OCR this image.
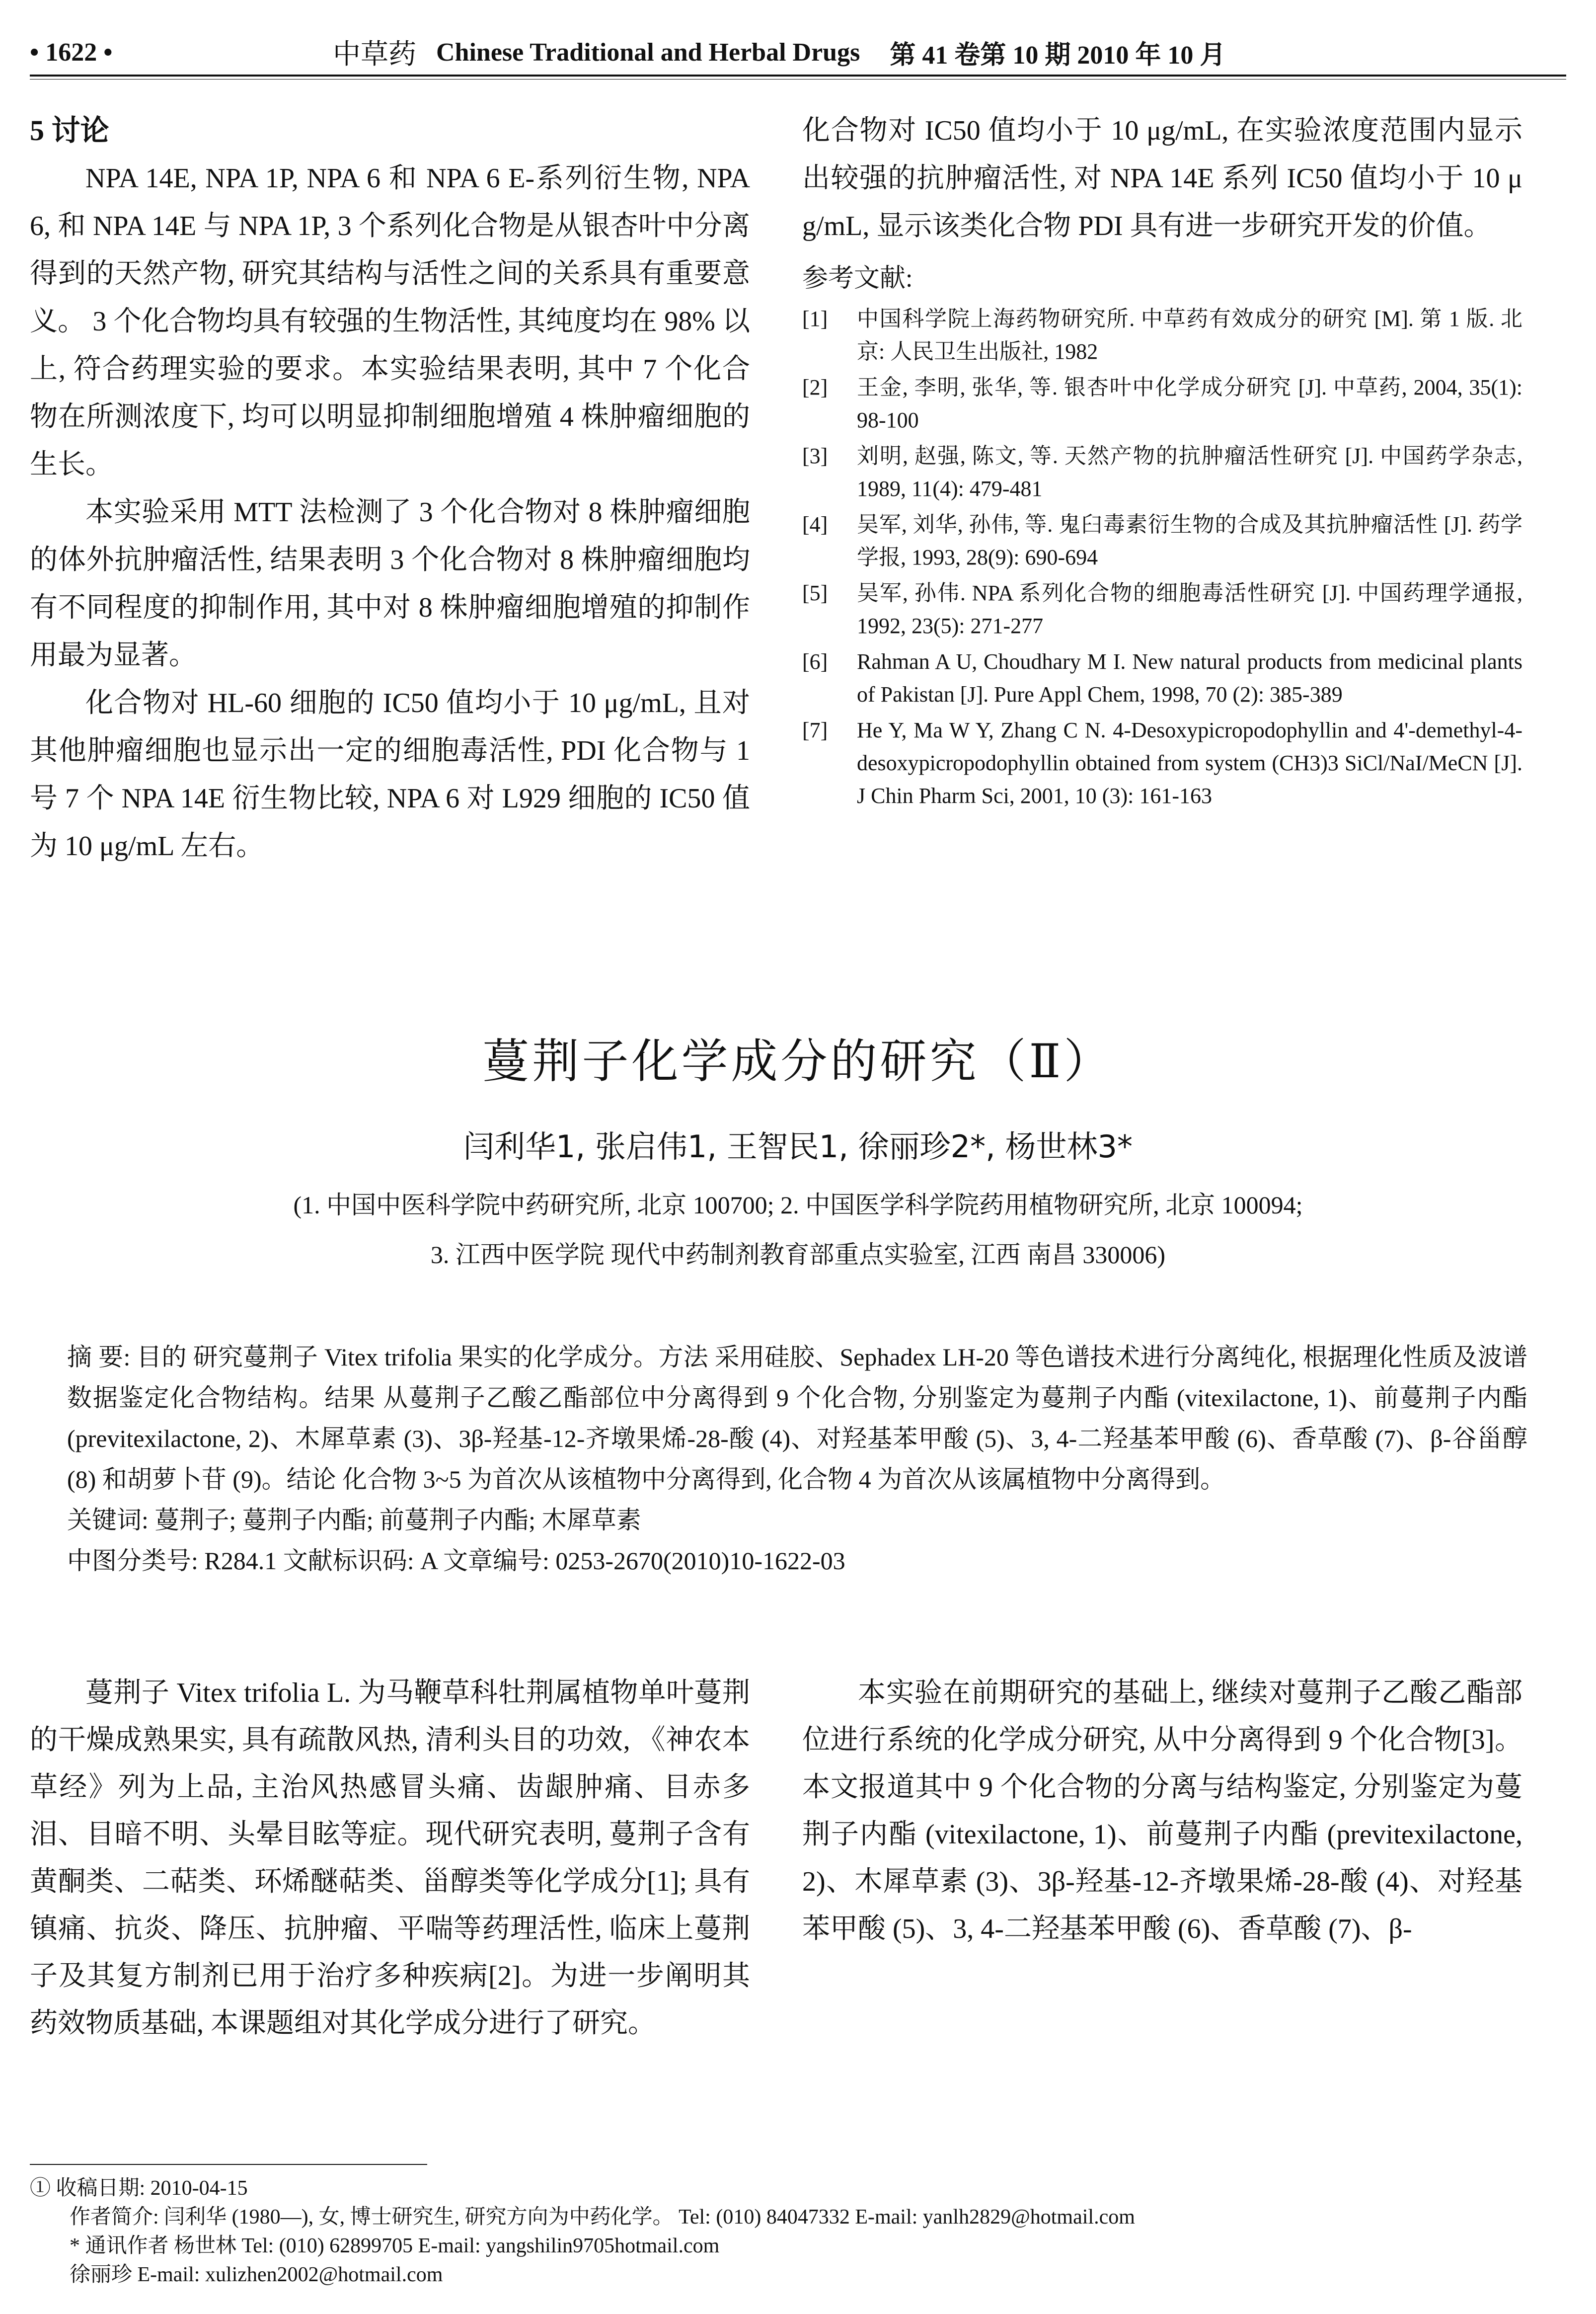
• 1622 •	中草药 Chinese Traditional and Herbal Drugs 第 41 卷第 10 期 2010 年 10 月
5 讨论

NPA 14E, NPA 1P, NPA 6 和 NPA 6 E-系列衍生物, NPA 6, 和 NPA 14E 与 NPA 1P, 3 个系列化合物是从银杏叶中分离得到的天然产物, 研究其结构与活性之间的关系具有重要意义。 3 个化合物均具有较强的生物活性, 其纯度均在 98% 以上, 符合药理实验的要求。本实验结果表明, 其中 7 个化合物在所测浓度下, 均可以明显抑制细胞增殖 4 株肿瘤细胞的生长。

本实验采用 MTT 法检测了 3 个化合物对 8 株肿瘤细胞的体外抗肿瘤活性, 结果表明 3 个化合物对 8 株肿瘤细胞均有不同程度的抑制作用, 其中对 8 株肿瘤细胞增殖的抑制作用最为显著。

化合物对 HL-60 细胞的 IC50 值均小于 10 μg/mL, 且对其他肿瘤细胞也显示出一定的细胞毒活性, PDI 化合物与 1 号 7 个 NPA 14E 衍生物比较, NPA 6 对 L929 细胞的 IC50 值为 10 μg/mL 左右。

化合物对 IC50 值均小于 10 μg/mL, 在实验浓度范围内显示出较强的抗肿瘤活性, 对 NPA 14E 系列 IC50 值均小于 10 μg/mL, 显示该类化合物 PDI 具有进一步研究开发的价值。

参考文献:
[1]	中国科学院上海药物研究所. 中草药有效成分的研究 [M]. 第 1 版. 北京: 人民卫生出版社, 1982
[2]	王金, 李明, 张华, 等. 银杏叶中化学成分研究 [J]. 中草药, 2004, 35(1): 98-100
[3]	刘明, 赵强, 陈文, 等. 天然产物的抗肿瘤活性研究 [J]. 中国药学杂志, 1989, 11(4): 479-481
[4]	吴军, 刘华, 孙伟, 等. 鬼臼毒素衍生物的合成及其抗肿瘤活性 [J]. 药学学报, 1993, 28(9): 690-694
[5]	吴军, 孙伟. NPA 系列化合物的细胞毒活性研究 [J]. 中国药理学通报, 1992, 23(5): 271-277
[6]	Rahman A U, Choudhary M I. New natural products from medicinal plants of Pakistan [J]. Pure Appl Chem, 1998, 70 (2): 385-389
[7]	He Y, Ma W Y, Zhang C N. 4-Desoxypicropodophyllin and 4'-demethyl-4-desoxypicropodophyllin obtained from system (CH3)3 SiCl/NaI/MeCN [J]. J Chin Pharm Sci, 2001, 10 (3): 161-163
蔓荆子化学成分的研究（Ⅱ）
闫利华1, 张启伟1, 王智民1, 徐丽珍2*, 杨世林3*
(1. 中国中医科学院中药研究所, 北京 100700; 2. 中国医学科学院药用植物研究所, 北京 100094;
3. 江西中医学院 现代中药制剂教育部重点实验室, 江西 南昌 330006)

摘 要: 目的 研究蔓荆子 Vitex trifolia 果实的化学成分。方法 采用硅胶、Sephadex LH-20 等色谱技术进行分离纯化, 根据理化性质及波谱数据鉴定化合物结构。结果 从蔓荆子乙酸乙酯部位中分离得到 9 个化合物, 分别鉴定为蔓荆子内酯 (vitexilactone, 1)、前蔓荆子内酯 (previtexilactone, 2)、木犀草素 (3)、3β-羟基-12-齐墩果烯-28-酸 (4)、对羟基苯甲酸 (5)、3, 4-二羟基苯甲酸 (6)、香草酸 (7)、β-谷甾醇 (8) 和胡萝卜苷 (9)。结论 化合物 3~5 为首次从该植物中分离得到, 化合物 4 为首次从该属植物中分离得到。

关键词: 蔓荆子; 蔓荆子内酯; 前蔓荆子内酯; 木犀草素

中图分类号: R284.1 文献标识码: A 文章编号: 0253-2670(2010)10-1622-03

蔓荆子 Vitex trifolia L. 为马鞭草科牡荆属植物单叶蔓荆的干燥成熟果实, 具有疏散风热, 清利头目的功效, 《神农本草经》列为上品, 主治风热感冒头痛、齿龈肿痛、目赤多泪、目暗不明、头晕目眩等症。现代研究表明, 蔓荆子含有黄酮类、二萜类、环烯醚萜类、甾醇类等化学成分[1]; 具有镇痛、抗炎、降压、抗肿瘤、平喘等药理活性, 临床上蔓荆子及其复方制剂已用于治疗多种疾病[2]。为进一步阐明其药效物质基础, 本课题组对其化学成分进行了研究。

本实验在前期研究的基础上, 继续对蔓荆子乙酸乙酯部位进行系统的化学成分研究, 从中分离得到 9 个化合物[3]。本文报道其中 9 个化合物的分离与结构鉴定, 分别鉴定为蔓荆子内酯 (vitexilactone, 1)、前蔓荆子内酯 (previtexilactone, 2)、木犀草素 (3)、3β-羟基-12-齐墩果烯-28-酸 (4)、对羟基苯甲酸 (5)、3, 4-二羟基苯甲酸 (6)、香草酸 (7)、β-

① 收稿日期: 2010-04-15

作者简介: 闫利华 (1980—), 女, 博士研究生, 研究方向为中药化学。 Tel: (010) 84047332 E-mail: yanlh2829@hotmail.com

* 通讯作者 杨世林 Tel: (010) 62899705 E-mail: yangshilin9705hotmail.com

徐丽珍 E-mail: xulizhen2002@hotmail.com
